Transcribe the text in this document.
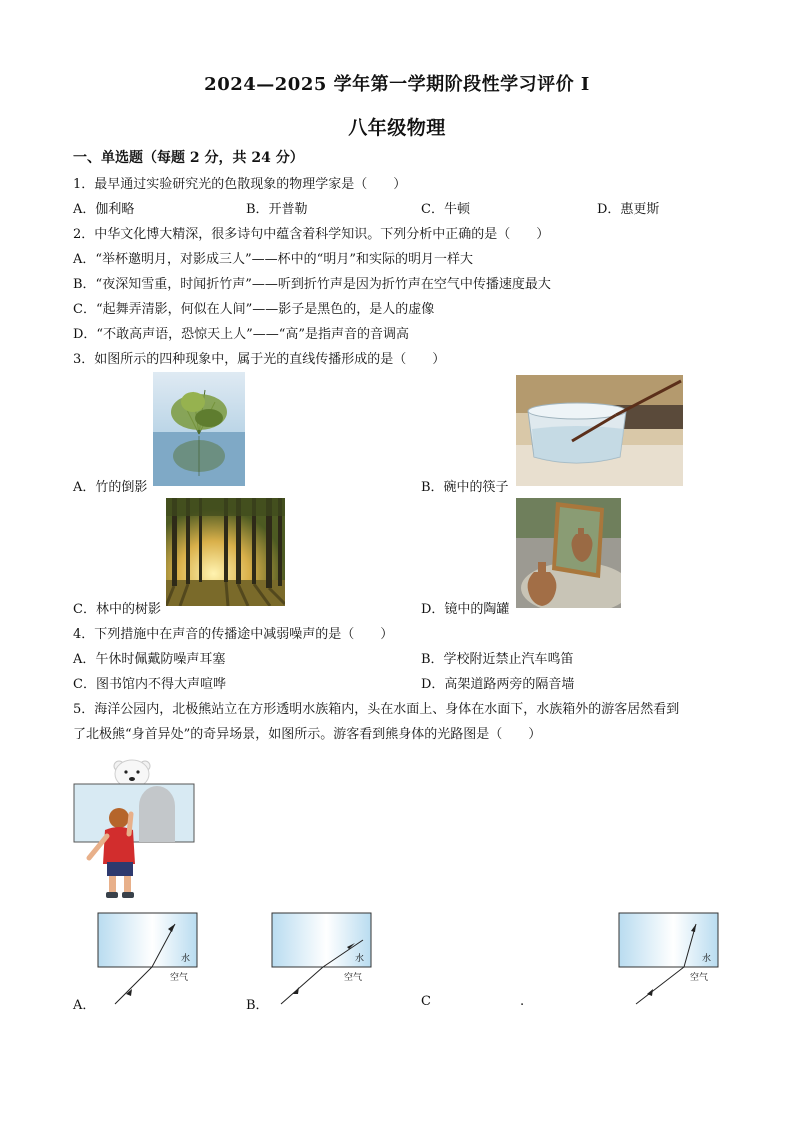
2024—2025 学年第一学期阶段性学习评价 Ⅰ
八年级物理
一、单选题（每题 2 分，共 24 分）
1．最早通过实验研究光的色散现象的物理学家是（　　）
A．伽利略	B．开普勒	C．牛顿	D．惠更斯
2．中华文化博大精深，很多诗句中蕴含着科学知识。下列分析中正确的是（　　）
A．“举杯邀明月，对影成三人”——杯中的“明月”和实际的明月一样大
B．“夜深知雪重，时闻折竹声”——听到折竹声是因为折竹声在空气中传播速度最大
C．“起舞弄清影，何似在人间”——影子是黑色的，是人的虚像
D．“不敢高声语，恐惊天上人”——“高”是指声音的音调高
3．如图所示的四种现象中，属于光的直线传播形成的是（　　）
A．竹的倒影	B．碗中的筷子
C．林中的树影	D．镜中的陶罐
4．下列措施中在声音的传播途中减弱噪声的是（　　）
A．午休时佩戴防噪声耳塞	B．学校附近禁止汽车鸣笛
C．图书馆内不得大声喧哗	D．高架道路两旁的隔音墙
5．海洋公园内，北极熊站立在方形透明水族箱内，头在水面上、身体在水面下，水族箱外的游客居然看到
了北极熊“身首异处”的奇异场景，如图所示。游客看到熊身体的光路图是（　　）
水
空气
水
空气
水
空气
A．	B．	C	.
